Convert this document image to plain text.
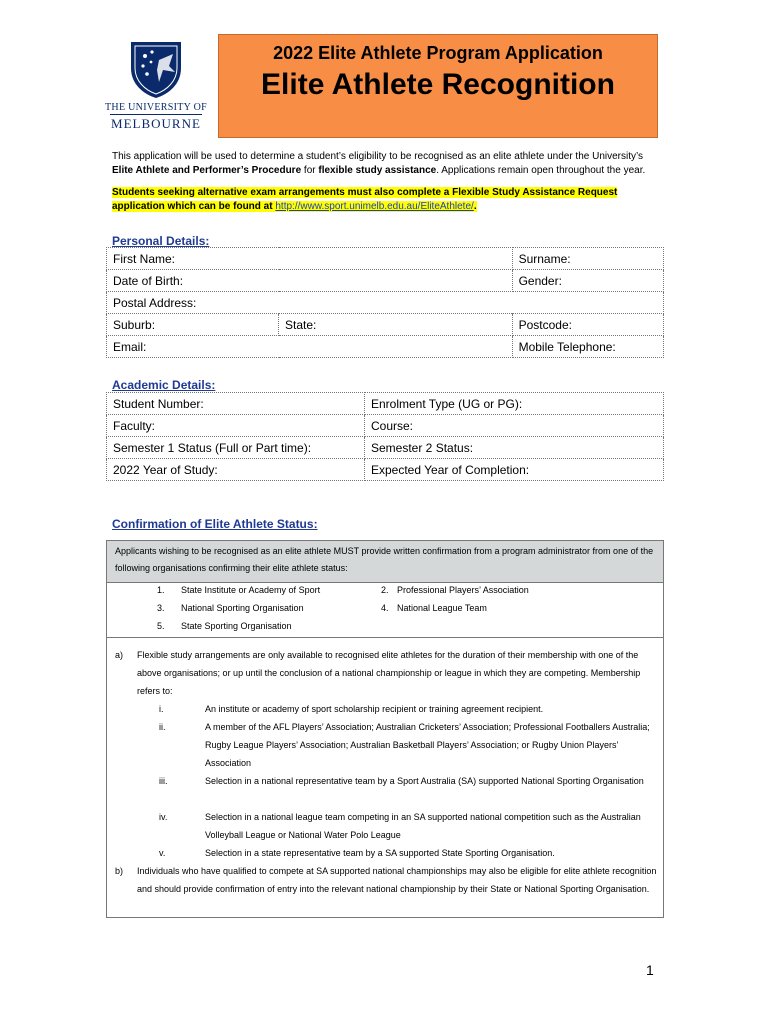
THE UNIVERSITY OF
MELBOURNE
2022 Elite Athlete Program Application
Elite Athlete Recognition
This application will be used to determine a student’s eligibility to be recognised as an elite athlete under the University’s Elite Athlete and Performer’s Procedure for flexible study assistance. Applications remain open throughout the year.
Students seeking alternative exam arrangements must also complete a Flexible Study Assistance Request application which can be found at http://www.sport.unimelb.edu.au/EliteAthlete/.
Personal Details:
First Name:		Surname:
Date of Birth:		Gender:
Postal Address:		
Suburb:	State:	Postcode:
Email:		Mobile Telephone:
Academic Details:
Student Number:	Enrolment Type (UG or PG):
Faculty:	Course:
Semester 1 Status (Full or Part time):	Semester 2 Status:
2022 Year of Study:	Expected Year of Completion:
Confirmation of Elite Athlete Status:
Applicants wishing to be recognised as an elite athlete MUST provide written confirmation from a program administrator from one of the following organisations confirming their elite athlete status:
1. State Institute or Academy of Sport	2. Professional Players’ Association
3. National Sporting Organisation	4. National League Team
5. State Sporting Organisation
a) Flexible study arrangements are only available to recognised elite athletes for the duration of their membership with one of the above organisations; or up until the conclusion of a national championship or league in which they are competing. Membership refers to:
i.	An institute or academy of sport scholarship recipient or training agreement recipient.
ii.	A member of the AFL Players’ Association; Australian Cricketers’ Association; Professional Footballers Australia; Rugby League Players’ Association; Australian Basketball Players’ Association; or Rugby Union Players’ Association
iii.	Selection in a national representative team by a Sport Australia (SA) supported National Sporting Organisation
iv.	Selection in a national league team competing in an SA supported national competition such as the Australian Volleyball League or National Water Polo League
v.	Selection in a state representative team by a SA supported State Sporting Organisation.
b) Individuals who have qualified to compete at SA supported national championships may also be eligible for elite athlete recognition and should provide confirmation of entry into the relevant national championship by their State or National Sporting Organisation.
1
